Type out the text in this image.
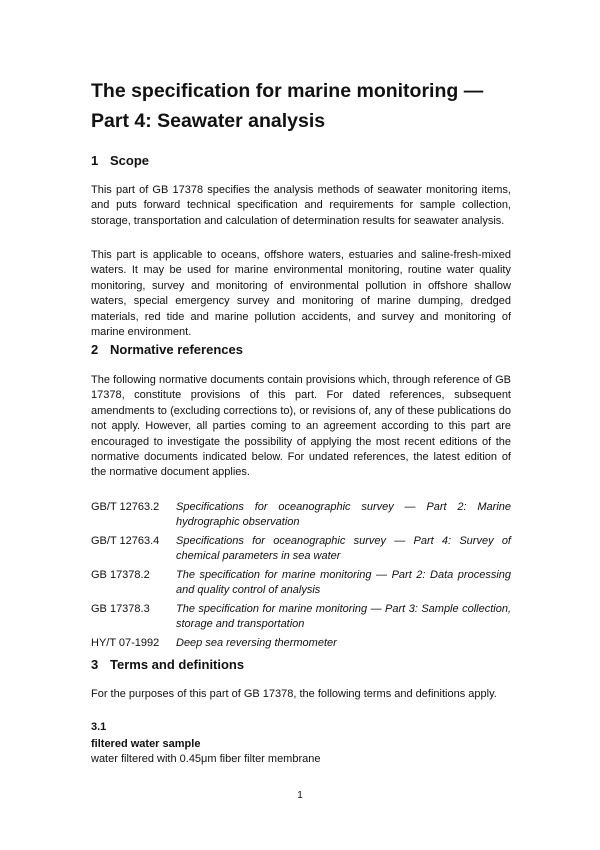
The specification for marine monitoring —
Part 4: Seawater analysis
1 Scope

This part of GB 17378 specifies the analysis methods of seawater monitoring items, and puts forward technical specification and requirements for sample collection, storage, transportation and calculation of determination results for seawater analysis.

This part is applicable to oceans, offshore waters, estuaries and saline-fresh-mixed waters. It may be used for marine environmental monitoring, routine water quality monitoring, survey and monitoring of environmental pollution in offshore shallow waters, special emergency survey and monitoring of marine dumping, dredged materials, red tide and marine pollution accidents, and survey and monitoring of marine environment.

2 Normative references

The following normative documents contain provisions which, through reference of GB 17378, constitute provisions of this part. For dated references, subsequent amendments to (excluding corrections to), or revisions of, any of these publications do not apply. However, all parties coming to an agreement according to this part are encouraged to investigate the possibility of applying the most recent editions of the normative documents indicated below. For undated references, the latest edition of the normative document applies.

GB/T 12763.2	Specifications for oceanographic survey — Part 2: Marine hydrographic observation
GB/T 12763.4	Specifications for oceanographic survey — Part 4: Survey of chemical parameters in sea water
GB 17378.2	The specification for marine monitoring — Part 2: Data processing and quality control of analysis
GB 17378.3	The specification for marine monitoring — Part 3: Sample collection, storage and transportation
HY/T 07-1992	Deep sea reversing thermometer
3 Terms and definitions

For the purposes of this part of GB 17378, the following terms and definitions apply.

3.1
filtered water sample
water filtered with 0.45μm fiber filter membrane
1
